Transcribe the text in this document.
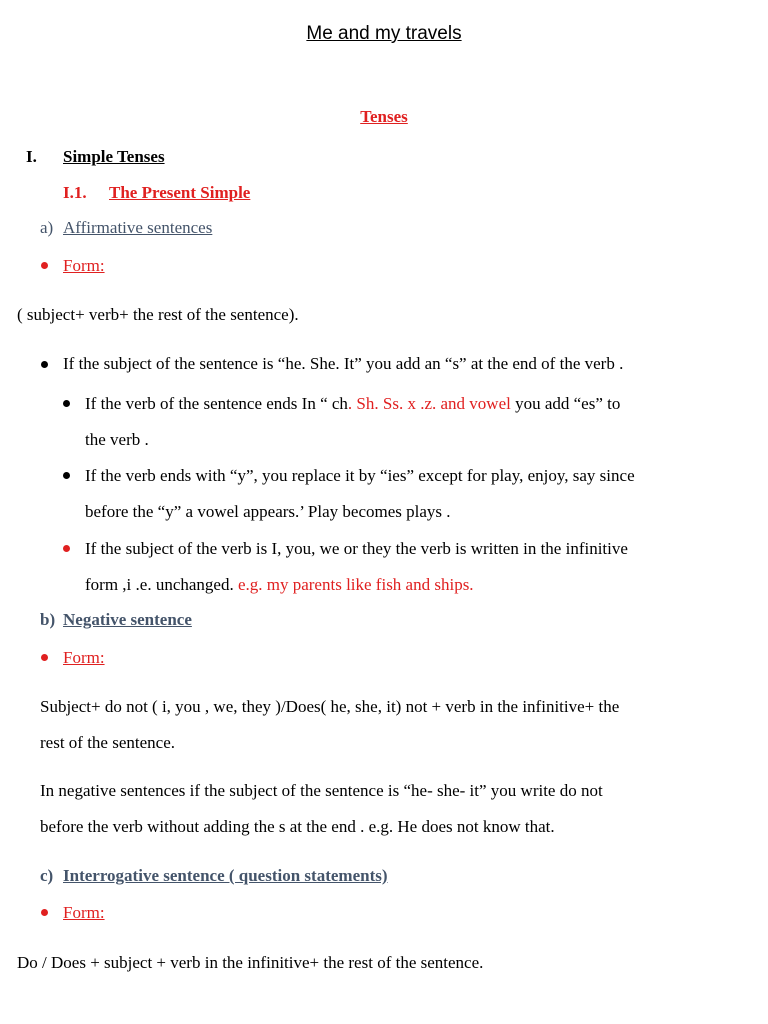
Me and my travels
Tenses
I. Simple Tenses
I.1. The Present Simple
a) Affirmative sentences
Form:
( subject+ verb+ the rest of the sentence).
If the subject of the sentence is “he. She. It” you add an “s” at the end of the verb .
If the verb of the sentence ends In “ ch. Sh. Ss. x .z. and vowel you add “es” to
the verb .
If the verb ends with “y”, you replace it by “ies” except for play, enjoy, say since
before the “y” a vowel appears.’ Play becomes plays .
If the subject of the verb is I, you, we or they the verb is written in the infinitive
form ,i .e. unchanged. e.g. my parents like fish and ships.
b) Negative sentence
Form:
Subject+ do not ( i, you , we, they )/Does( he, she, it) not + verb in the infinitive+ the
rest of the sentence.
In negative sentences if the subject of the sentence is “he- she- it” you write do not
before the verb without adding the s at the end . e.g. He does not know that.
c) Interrogative sentence ( question statements)
Form:
Do / Does + subject + verb in the infinitive+ the rest of the sentence.
